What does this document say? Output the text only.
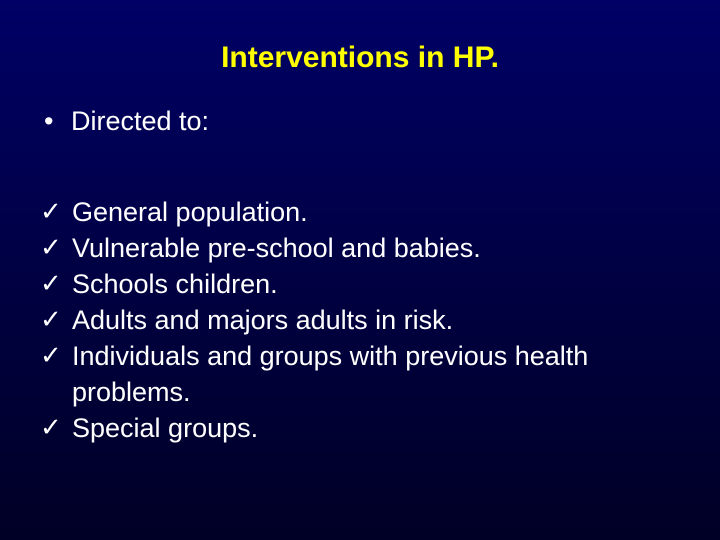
Interventions in HP.
• Directed to:
✓ General population.
✓ Vulnerable pre-school and babies.
✓ Schools children.
✓ Adults and majors adults in risk.
✓ Individuals and groups with previous health problems.
✓ Special groups.
